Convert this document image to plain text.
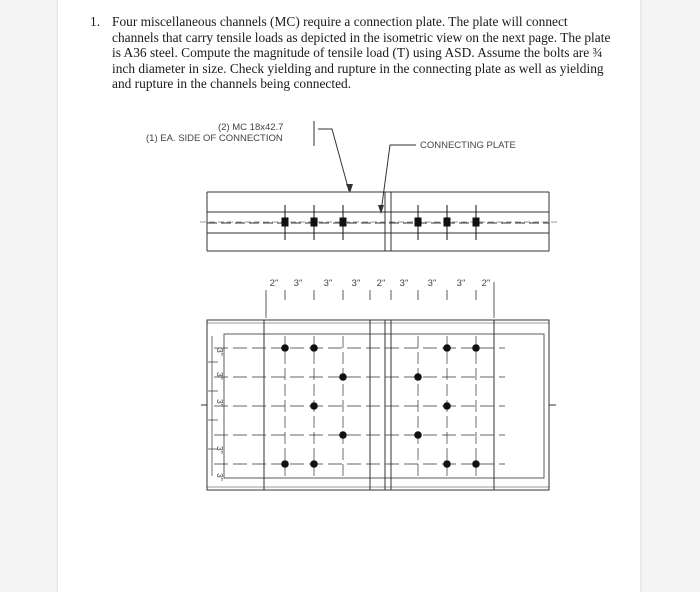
1. Four miscellaneous channels (MC) require a connection plate. The plate will connect
channels that carry tensile loads as depicted in the isometric view on the next page. The plate
is A36 steel. Compute the magnitude of tensile load (T) using ASD. Assume the bolts are ¾
inch diameter in size. Check yielding and rupture in the connecting plate as well as yielding
and rupture in the channels being connected.
(2) MC 18x42.7
(1) EA. SIDE OF CONNECTION
CONNECTING PLATE
2" 3" 3" 3" 2" 3" 3" 3" 2"
3"
3"
3"
3"
3"
